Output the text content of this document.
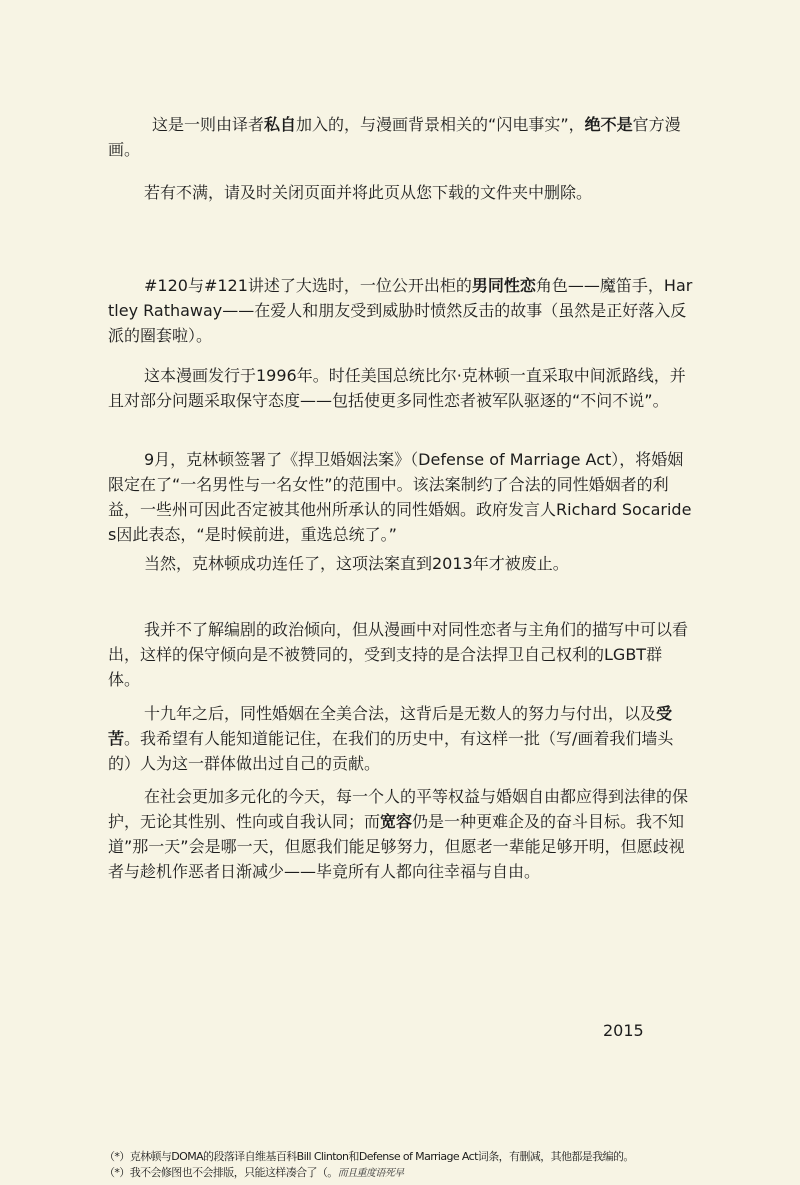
这是一则由译者私自加入的，与漫画背景相关的“闪电事实”，绝不是官方漫画。

若有不满，请及时关闭页面并将此页从您下载的文件夹中删除。

#120与#121讲述了大选时，一位公开出柜的男同性恋角色——魔笛手，Hartley Rathaway——在爱人和朋友受到威胁时愤然反击的故事（虽然是正好落入反派的圈套啦）。

这本漫画发行于1996年。时任美国总统比尔·克林顿一直采取中间派路线，并且对部分问题采取保守态度——包括使更多同性恋者被军队驱逐的“不问不说”。

9月，克林顿签署了《捍卫婚姻法案》（Defense of Marriage Act），将婚姻限定在了“一名男性与一名女性”的范围中。该法案制约了合法的同性婚姻者的利益，一些州可因此否定被其他州所承认的同性婚姻。政府发言人Richard Socarides因此表态，“是时候前进，重选总统了。”

当然，克林顿成功连任了，这项法案直到2013年才被废止。

我并不了解编剧的政治倾向，但从漫画中对同性恋者与主角们的描写中可以看出，这样的保守倾向是不被赞同的，受到支持的是合法捍卫自己权利的LGBT群体。

十九年之后，同性婚姻在全美合法，这背后是无数人的努力与付出，以及受苦。我希望有人能知道能记住，在我们的历史中，有这样一批（写/画着我们墙头的）人为这一群体做出过自己的贡献。

在社会更加多元化的今天，每一个人的平等权益与婚姻自由都应得到法律的保护，无论其性别、性向或自我认同；而宽容仍是一种更难企及的奋斗目标。我不知道”那一天”会是哪一天，但愿我们能足够努力，但愿老一辈能足够开明，但愿歧视者与趁机作恶者日渐减少——毕竟所有人都向往幸福与自由。

2015
（*）克林顿与DOMA的段落译自维基百科Bill Clinton和Defense of Marriage Act词条，有删减，其他都是我编的。
（*）我不会修图也不会排版，只能这样凑合了（。而且重度语死早
